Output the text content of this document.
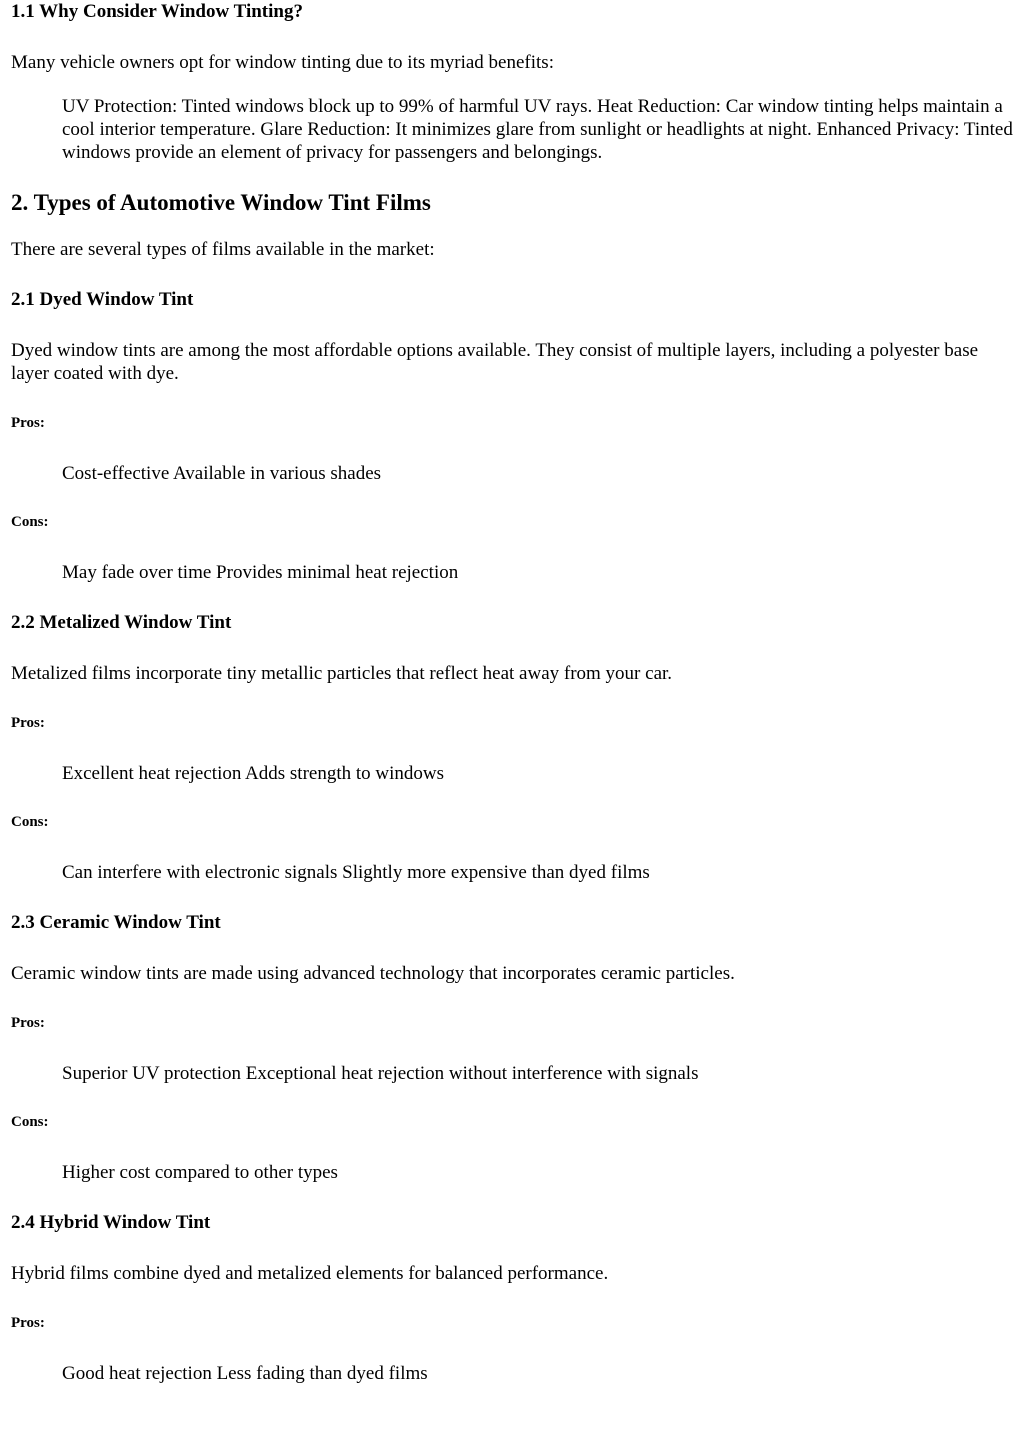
1.1 Why Consider Window Tinting?

Many vehicle owners opt for window tinting due to its myriad benefits:

UV Protection: Tinted windows block up to 99% of harmful UV rays. Heat Reduction: Car window tinting helps maintain a cool interior temperature. Glare Reduction: It minimizes glare from sunlight or headlights at night. Enhanced Privacy: Tinted windows provide an element of privacy for passengers and belongings.
2. Types of Automotive Window Tint Films

There are several types of films available in the market:

2.1 Dyed Window Tint

Dyed window tints are among the most affordable options available. They consist of multiple layers, including a polyester base layer coated with dye.

Pros:
Cost-effective Available in various shades
Cons:
May fade over time Provides minimal heat rejection
2.2 Metalized Window Tint

Metalized films incorporate tiny metallic particles that reflect heat away from your car.

Pros:
Excellent heat rejection Adds strength to windows
Cons:
Can interfere with electronic signals Slightly more expensive than dyed films
2.3 Ceramic Window Tint

Ceramic window tints are made using advanced technology that incorporates ceramic particles.

Pros:
Superior UV protection Exceptional heat rejection without interference with signals
Cons:
Higher cost compared to other types
2.4 Hybrid Window Tint

Hybrid films combine dyed and metalized elements for balanced performance.

Pros:
Good heat rejection Less fading than dyed films
